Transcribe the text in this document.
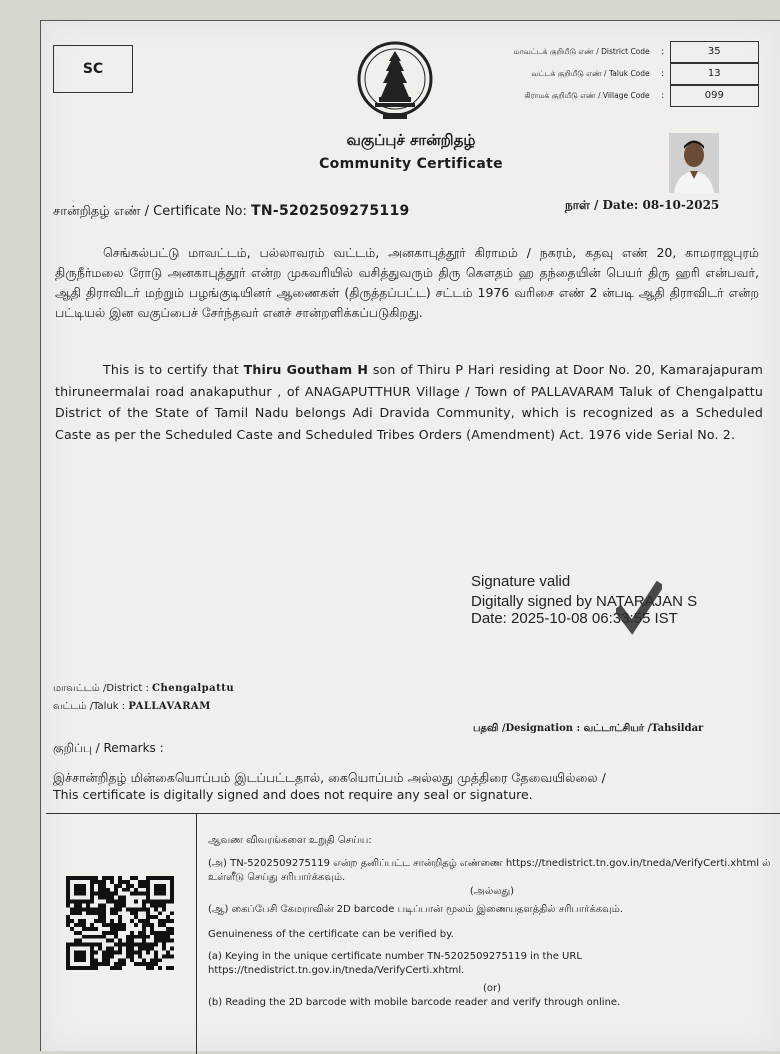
SC
மாவட்டக் குறியீடு எண் / District Code	:	35
வட்டக் குறியீடு எண் / Taluk Code	:	13
கிராமக் குறியீடு எண் / Village Code	:	099
வகுப்புச் சான்றிதழ்
Community Certificate
சான்றிதழ் எண் / Certificate No: TN-5202509275119	நாள் / Date: 08-10-2025
செங்கல்பட்டு மாவட்டம், பல்லாவரம் வட்டம், அனகாபுத்தூர் கிராமம் / நகரம், கதவு எண் 20, காமராஜபுரம் திருநீர்மலை ரோடு அனகாபுத்தூர் என்ற முகவரியில் வசித்துவரும் திரு கௌதம் ஹ தந்தையின் பெயர் திரு ஹரி என்பவர், ஆதி திராவிடர் மற்றும் பழங்குடியினர் ஆணைகள் (திருத்தப்பட்ட) சட்டம் 1976 வரிசை எண் 2 ன்படி ஆதி திராவிடர் என்ற பட்டியல் இன வகுப்பைச் சேர்ந்தவர் எனச் சான்றளிக்கப்படுகிறது.
This is to certify that Thiru Goutham H son of Thiru P Hari residing at Door No. 20, Kamarajapuram thiruneermalai road anakaputhur , of ANAGAPUTTHUR Village / Town of PALLAVARAM Taluk of Chengalpattu District of the State of Tamil Nadu belongs Adi Dravida Community, which is recognized as a Scheduled Caste as per the Scheduled Caste and Scheduled Tribes Orders (Amendment) Act. 1976 vide Serial No. 2.
Signature valid
Digitally signed by NATARAJAN S
Date: 2025-10-08 06:33:55 IST
மாவட்டம் /District : Chengalpattu
வட்டம் /Taluk : PALLAVARAM
பதவி /Designation : வட்டாட்சியர் /Tahsildar
குறிப்பு / Remarks :
இச்சான்றிதழ் மின்கையொப்பம் இடப்பட்டதால், கையொப்பம் அல்லது முத்திரை தேவையில்லை /
This certificate is digitally signed and does not require any seal or signature.
ஆவண விவரங்களை உறுதி செய்ய:
(அ) TN-5202509275119 என்ற தனிப்பட்ட சான்றிதழ் எண்ணை https://tnedistrict.tn.gov.in/tneda/VerifyCerti.xhtml ல் உள்ளீடு செய்து சரிபார்க்கவும்.
(அல்லது)
(ஆ) கைப்பேசி கேமராவின் 2D barcode படிப்பான் மூலம் இணையதளத்தில் சரிபார்க்கவும்.
Genuineness of the certificate can be verified by.
(a) Keying in the unique certificate number TN-5202509275119 in the URL https://tnedistrict.tn.gov.in/tneda/VerifyCerti.xhtml.
(or)
(b) Reading the 2D barcode with mobile barcode reader and verify through online.
